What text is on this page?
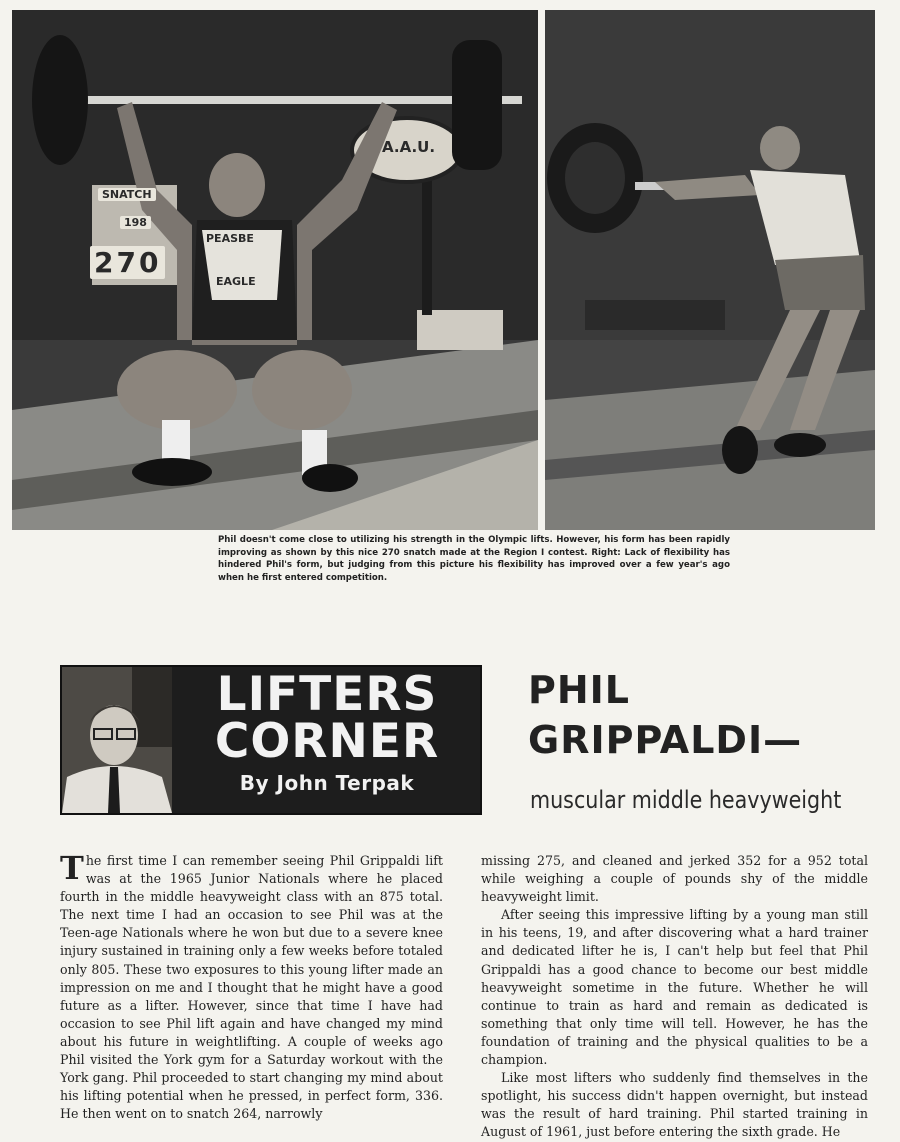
SNATCH
198
270
A.A.U.
PEASBE
EAGLE
Phil doesn't come close to utilizing his strength in the Olympic lifts. However, his form has been rapidly improving as shown by this nice 270 snatch made at the Region I contest. Right: Lack of flexibility has hindered Phil's form, but judging from this picture his flexibility has improved over a few year's ago when he first entered competition.
LIFTERS
CORNER
By John Terpak
PHIL
GRIPPALDI—
muscular middle heavyweight

The first time I can remember seeing Phil Grippaldi lift was at the 1965 Junior Nationals where he placed fourth in the middle heavyweight class with an 875 total. The next time I had an occasion to see Phil was at the Teen-age Nationals where he won but due to a severe knee injury sustained in training only a few weeks before totaled only 805. These two exposures to this young lifter made an impression on me and I thought that he might have a good future as a lifter. However, since that time I have had occasion to see Phil lift again and have changed my mind about his future in weightlifting. A couple of weeks ago Phil visited the York gym for a Saturday workout with the York gang. Phil proceeded to start changing my mind about his lifting potential when he pressed, in perfect form, 336. He then went on to snatch 264, narrowly

missing 275, and cleaned and jerked 352 for a 952 total while weighing a couple of pounds shy of the middle heavyweight limit.

After seeing this impressive lifting by a young man still in his teens, 19, and after discovering what a hard trainer and dedicated lifter he is, I can't help but feel that Phil Grippaldi has a good chance to become our best middle heavyweight sometime in the future. Whether he will continue to train as hard and remain as dedicated is something that only time will tell. However, he has the foundation of training and the physical qualities to be a champion.

Like most lifters who suddenly find themselves in the spotlight, his success didn't happen overnight, but instead was the result of hard training. Phil started training in August of 1961, just before entering the sixth grade. He
